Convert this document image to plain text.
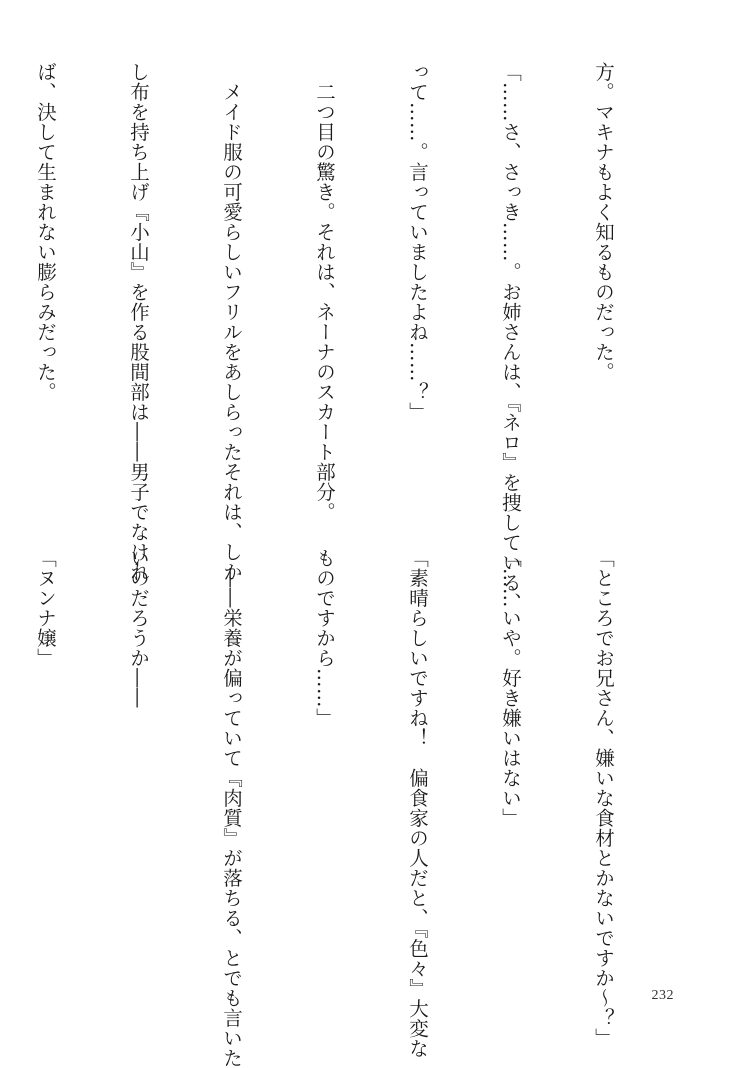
方。マキナもよく知るものだった。

「……さ、さっき……。お姉さんは、『ネロ』を捜している、

って……。言っていましたよね……？」

　二つ目の驚き。それは、ネーナのスカート部分。

　メイド服の可愛らしいフリルをあしらったそれは、しか

し布を持ち上げ『小山』を作る股間部は――男子でなけれ

ば、決して生まれない膨らみだった。

「ところでお兄さん、嫌いな食材とかないですか〜？」

「……いや。好き嫌いはない」

「素晴らしいですね！　偏食家の人だと、『色々』大変な

ものですから……」

　――栄養が偏っていて『肉質』が落ちる、とでも言いた

いのだろうか――

「ヌンナ嬢」

232
